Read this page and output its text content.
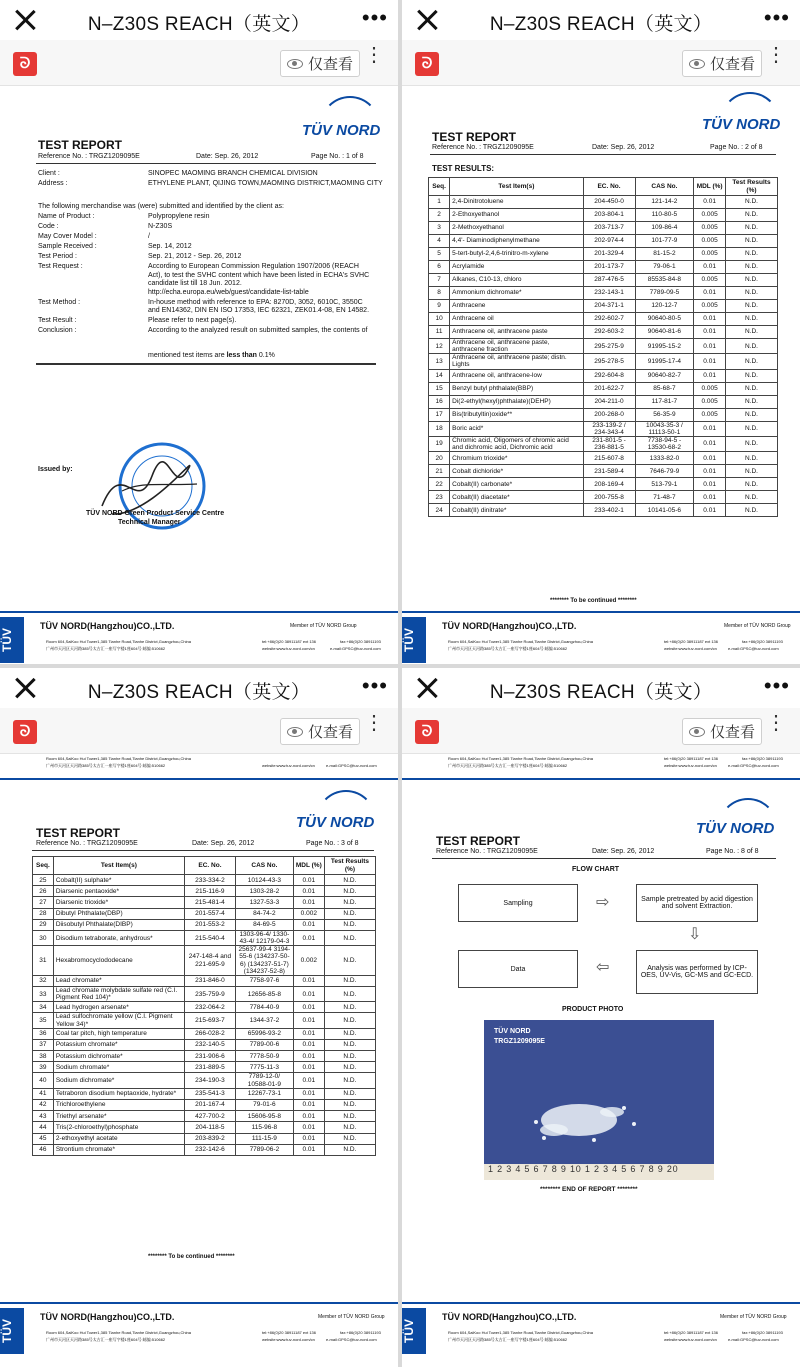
N–Z30S REACH（英文）	•••
ᘐ	仅查看 ⋮
TÜV NORD
TEST REPORT
Reference No. : TRGZ1209095E	Date: Sep. 26, 2012	Page No. : 1 of 8
Client :	SINOPEC MAOMING BRANCH CHEMICAL DIVISION
Address :	ETHYLENE PLANT, QIJING TOWN,MAOMING DISTRICT,MAOMING CITY
The following merchandise was (were) submitted and identified by the client as:
Name of Product :	Polypropylene resin
Code :	N-Z30S
May Cover Model :	/
Sample Received :	Sep. 14, 2012
Test Period :	Sep. 21, 2012 - Sep. 26, 2012
Test Request :	According to European Commission Regulation 1907/2006 (REACH
Act), to test the SVHC content which have been listed in ECHA's SVHC
candidate list till 18 Jun. 2012.
http://echa.europa.eu/web/guest/candidate-list-table
Test Method :	In-house method with reference to EPA: 8270D, 3052, 6010C, 3550C
and EN14362, DIN EN ISO 17353, IEC 62321, ZEK01.4-08, EN 14582.
Test Result :	Please refer to next page(s).
Conclusion :	According to the analyzed result on submitted samples, the contents of
mentioned test items are less than 0.1%
Issued by:
TÜV NORD Green Product Service Centre
Technical Manager
TÜV
TÜV NORD(Hangzhou)CO.,LTD.	Member of TÜV NORD Group
Room 604,SaiKoo Hui Tower1,385 Tianhe Road,Tianhe District,Guangzhou,China	tel:+86(0)20 38911187 ext 136	fax:+86(0)20 38911193
广州市天河区天河路385号太古汇一座写字楼1座604号 邮编:510662	website:www.tuv-nord.com/cn	e-mail:GPSC@tuv-nord.com
N–Z30S REACH（英文）	•••
ᘐ	仅查看 ⋮
TÜV NORD
TEST REPORT
Reference No. : TRGZ1209095E	Date: Sep. 26, 2012	Page No. : 2 of 8
TEST RESULTS:
Seq.	Test Item(s)	EC. No.	CAS No.	MDL (%)	Test Results (%)
1	2,4-Dinitrotoluene	204-450-0	121-14-2	0.01	N.D.
2	2-Ethoxyethanol	203-804-1	110-80-5	0.005	N.D.
3	2-Methoxyethanol	203-713-7	109-86-4	0.005	N.D.
4	4,4'- Diaminodiphenylmethane	202-974-4	101-77-9	0.005	N.D.
5	5-tert-butyl-2,4,6-trinitro-m-xylene	201-329-4	81-15-2	0.005	N.D.
6	Acrylamide	201-173-7	79-06-1	0.01	N.D.
7	Alkanes, C10-13, chloro	287-476-5	85535-84-8	0.005	N.D.
8	Ammonium dichromate*	232-143-1	7789-09-5	0.01	N.D.
9	Anthracene	204-371-1	120-12-7	0.005	N.D.
10	Anthracene oil	292-602-7	90640-80-5	0.01	N.D.
11	Anthracene oil, anthracene paste	292-603-2	90640-81-6	0.01	N.D.
12	Anthracene oil, anthracene paste, anthracene fraction	295-275-9	91995-15-2	0.01	N.D.
13	Anthracene oil, anthracene paste; distn. Lights	295-278-5	91995-17-4	0.01	N.D.
14	Anthracene oil, anthracene-low	292-604-8	90640-82-7	0.01	N.D.
15	Benzyl butyl phthalate(BBP)	201-622-7	85-68-7	0.005	N.D.
16	Di(2-ethyl(hexyl)phthalate)(DEHP)	204-211-0	117-81-7	0.005	N.D.
17	Bis(tributyltin)oxide**	200-268-0	56-35-9	0.005	N.D.
18	Boric acid*	233-139-2 / 234-343-4	10043-35-3 / 11113-50-1	0.01	N.D.
19	Chromic acid, Oligomers of chromic acid and dichromic acid, Dichromic acid	231-801-5 - 236-881-5	7738-94-5 - 13530-68-2	0.01	N.D.
20	Chromium trioxide*	215-607-8	1333-82-0	0.01	N.D.
21	Cobalt dichloride*	231-589-4	7646-79-9	0.01	N.D.
22	Cobalt(II) carbonate*	208-169-4	513-79-1	0.01	N.D.
23	Cobalt(II) diacetate*	200-755-8	71-48-7	0.01	N.D.
24	Cobalt(II) dinitrate*	233-402-1	10141-05-6	0.01	N.D.
******** To be continued ********
TÜV
TÜV NORD(Hangzhou)CO.,LTD.	Member of TÜV NORD Group
Room 604,SaiKoo Hui Tower1,385 Tianhe Road,Tianhe District,Guangzhou,China	tel:+86(0)20 38911187 ext 136	fax:+86(0)20 38911193
广州市天河区天河路385号太古汇一座写字楼1座604号 邮编:510662	website:www.tuv-nord.com/cn	e-mail:GPSC@tuv-nord.com
N–Z30S REACH（英文）	•••
ᘐ	仅查看 ⋮
Room 604,SaiKoo Hui Tower1,385 Tianhe Road,Tianhe District,Guangzhou,China
广州市天河区天河路385号太古汇一座写字楼1座604号 邮编:510662	website:www.tuv-nord.com/cn	e-mail:GPSC@tuv-nord.com
TÜV NORD
TEST REPORT
Reference No. : TRGZ1209095E	Date: Sep. 26, 2012	Page No. : 3 of 8
Seq.	Test Item(s)	EC. No.	CAS No.	MDL (%)	Test Results (%)
25	Cobalt(II) sulphate*	233-334-2	10124-43-3	0.01	N.D.
26	Diarsenic pentaoxide*	215-116-9	1303-28-2	0.01	N.D.
27	Diarsenic trioxide*	215-481-4	1327-53-3	0.01	N.D.
28	Dibutyl Phthalate(DBP)	201-557-4	84-74-2	0.002	N.D.
29	Diisobutyl Phthalate(DIBP)	201-553-2	84-69-5	0.01	N.D.
30	Disodium tetraborate, anhydrous*	215-540-4	1303-96-4/ 1330-43-4/ 12179-04-3	0.01	N.D.
31	Hexabromocyclododecane	247-148-4 and 221-695-9	25637-99-4 3194-55-6 (134237-50-6) (134237-51-7) (134237-52-8)	0.002	N.D.
32	Lead chromate*	231-846-0	7758-97-6	0.01	N.D.
33	Lead chromate molybdate sulfate red (C.I. Pigment Red 104)*	235-759-9	12656-85-8	0.01	N.D.
34	Lead hydrogen arsenate*	232-064-2	7784-40-9	0.01	N.D.
35	Lead sulfochromate yellow (C.I. Pigment Yellow 34)*	215-693-7	1344-37-2	0.01	N.D.
36	Coal tar pitch, high temperature	266-028-2	65996-93-2	0.01	N.D.
37	Potassium chromate*	232-140-5	7789-00-6	0.01	N.D.
38	Potassium dichromate*	231-906-6	7778-50-9	0.01	N.D.
39	Sodium chromate*	231-889-5	7775-11-3	0.01	N.D.
40	Sodium dichromate*	234-190-3	7789-12-0/ 10588-01-9	0.01	N.D.
41	Tetraboron disodium heptaoxide, hydrate*	235-541-3	12267-73-1	0.01	N.D.
42	Trichloroethylene	201-167-4	79-01-6	0.01	N.D.
43	Triethyl arsenate*	427-700-2	15606-95-8	0.01	N.D.
44	Tris(2-chloroethyl)phosphate	204-118-5	115-96-8	0.01	N.D.
45	2-ethoxyethyl acetate	203-839-2	111-15-9	0.01	N.D.
46	Strontium chromate*	232-142-6	7789-06-2	0.01	N.D.
******** To be continued ********
TÜV
TÜV NORD(Hangzhou)CO.,LTD.	Member of TÜV NORD Group
Room 604,SaiKoo Hui Tower1,385 Tianhe Road,Tianhe District,Guangzhou,China	tel:+86(0)20 38911187 ext 136	fax:+86(0)20 38911193
广州市天河区天河路385号太古汇一座写字楼1座604号 邮编:510662	website:www.tuv-nord.com/cn	e-mail:GPSC@tuv-nord.com
N–Z30S REACH（英文）	•••
ᘐ	仅查看 ⋮
Room 604,SaiKoo Hui Tower1,385 Tianhe Road,Tianhe District,Guangzhou,China	tel:+86(0)20 38911187 ext 136	fax:+86(0)20 38911193
广州市天河区天河路385号太古汇一座写字楼1座604号 邮编:510662	website:www.tuv-nord.com/cn	e-mail:GPSC@tuv-nord.com
TÜV NORD
TEST REPORT
Reference No. : TRGZ1209095E	Date: Sep. 26, 2012	Page No. : 8 of 8
FLOW CHART
Sampling	⇨	Sample pretreated by acid digestion and solvent Extraction.
⇩
Data	⇦	Analysis was performed by ICP-OES, UV-Vis, GC-MS and GC-ECD.
PRODUCT PHOTO
TÜV NORD
TRGZ1209095E
1 2 3 4 5 6 7 8 9 10 1 2 3 4 5 6 7 8 9 20
******** END OF REPORT ********
TÜV
TÜV NORD(Hangzhou)CO.,LTD.	Member of TÜV NORD Group
Room 604,SaiKoo Hui Tower1,385 Tianhe Road,Tianhe District,Guangzhou,China	tel:+86(0)20 38911187 ext 136	fax:+86(0)20 38911193
广州市天河区天河路385号太古汇一座写字楼1座604号 邮编:510662	website:www.tuv-nord.com/cn	e-mail:GPSC@tuv-nord.com
